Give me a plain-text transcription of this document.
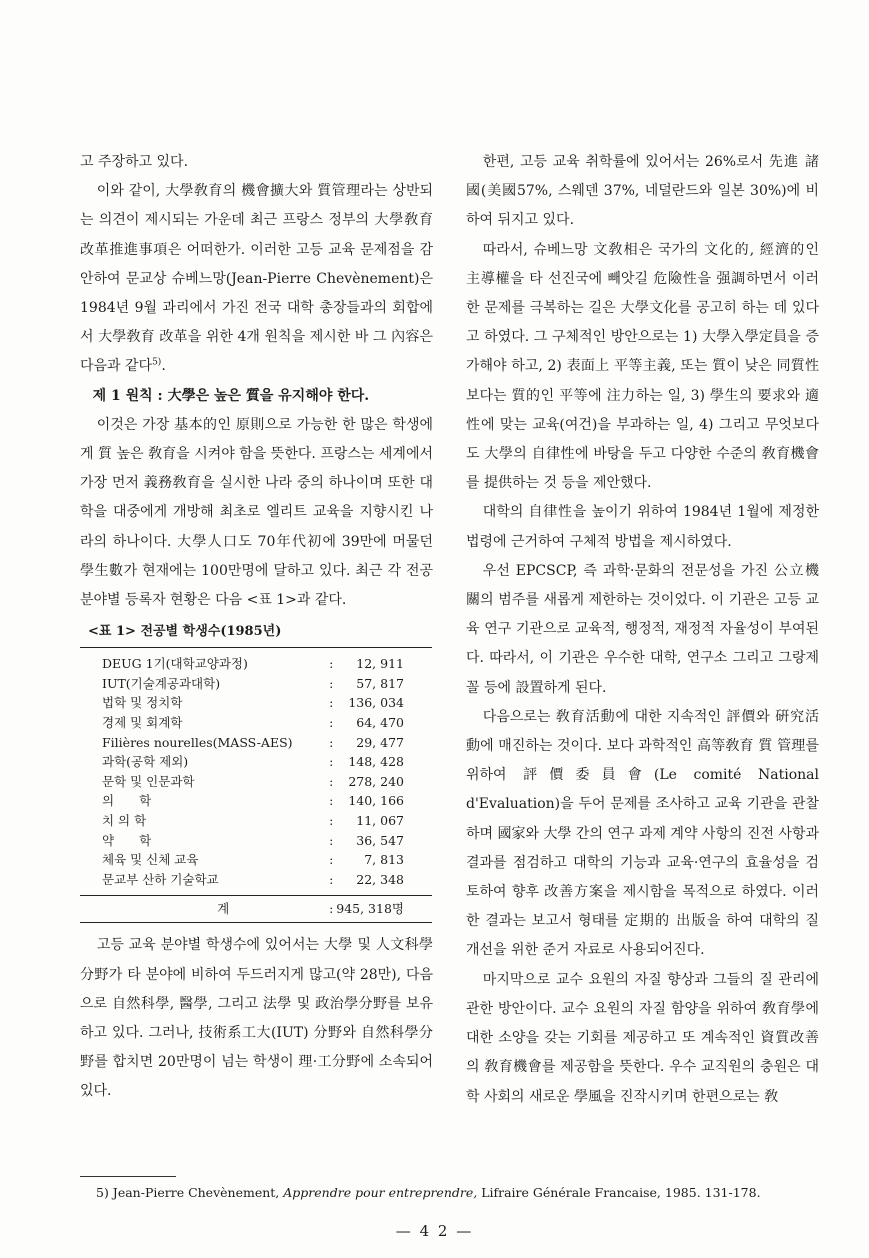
고 주장하고 있다.

이와 같이, 大學敎育의 機會擴大와 質管理라는 상반되는 의견이 제시되는 가운데 최근 프랑스 정부의 大學敎育改革推進事項은 어떠한가. 이러한 고등 교육 문제점을 감안하여 문교상 슈베느망(Jean-Pierre Chevènement)은 1984년 9월 과리에서 가진 전국 대학 총장들과의 회합에서 大學敎育 改革을 위한 4개 원칙을 제시한 바 그 內容은 다음과 같다$^{5)}$.

제 1 원칙 : 大學은 높은 質을 유지해야 한다.

이것은 가장 基本的인 原則으로 가능한 한 많은 학생에게 質 높은 敎育을 시켜야 함을 뜻한다. 프랑스는 세계에서 가장 먼저 義務敎育을 실시한 나라 중의 하나이며 또한 대학을 대중에게 개방해 최초로 엘리트 교육을 지향시킨 나라의 하나이다. 大學人口도 70年代初에 39만에 머물던 學生數가 현재에는 100만명에 달하고 있다. 최근 각 전공 분야별 등록자 현황은 다음 <표 1>과 같다.

<표 1> 전공별 학생수(1985년)
DEUG 1기(대학교양과정)	:	12, 911
IUT(기술계공과대학)	:	57, 817
법학 및 정치학	:	136, 034
경제 및 회계학	:	64, 470
Filières nourelles(MASS-AES)	:	29, 477
과학(공학 제외)	:	148, 428
문학 및 인문과학	:	278, 240
의　　학	:	140, 166
치 의 학	:	11, 067
약　　학	:	36, 547
체육 및 신체 교육	:	7, 813
문교부 산하 기술학교	:	22, 348
계	:	945, 318명

고등 교육 분야별 학생수에 있어서는 大學 및 人文科學分野가 타 분야에 비하여 두드러지게 많고(약 28만), 다음으로 自然科學, 醫學, 그리고 法學 및 政治學分野를 보유하고 있다. 그러나, 技術系工大(IUT) 分野와 自然科學分野를 합치면 20만명이 넘는 학생이 理·工分野에 소속되어 있다.

한편, 고등 교육 취학률에 있어서는 26%로서 先進 諸國(美國57%, 스웨덴 37%, 네덜란드와 일본 30%)에 비하여 뒤지고 있다.

따라서, 슈베느망 文敎相은 국가의 文化的, 經濟的인 主導權을 타 선진국에 빼앗길 危險性을 强調하면서 이러한 문제를 극복하는 길은 大學文化를 공고히 하는 데 있다고 하였다. 그 구체적인 방안으로는 1) 大學入學定員을 증가해야 하고, 2) 表面上 平等主義, 또는 質이 낮은 同質性보다는 質的인 平等에 注力하는 일, 3) 學生의 要求와 適性에 맞는 교육(여건)을 부과하는 일, 4) 그리고 무엇보다도 大學의 自律性에 바탕을 두고 다양한 수준의 敎育機會를 提供하는 것 등을 제안했다.

대학의 自律性을 높이기 위하여 1984년 1월에 제정한 법령에 근거하여 구체적 방법을 제시하였다.

우선 EPCSCP, 즉 과학·문화의 전문성을 가진 公立機關의 범주를 새롭게 제한하는 것이었다. 이 기관은 고등 교육 연구 기관으로 교육적, 행정적, 재정적 자율성이 부여된다. 따라서, 이 기관은 우수한 대학, 연구소 그리고 그랑제꼴 등에 設置하게 된다.

다음으로는 敎育活動에 대한 지속적인 評價와 硏究活動에 매진하는 것이다. 보다 과학적인 高等敎育 質 管理를 위하여 評價委員會(Le comité National d'Evaluation)을 두어 문제를 조사하고 교육 기관을 관찰하며 國家와 大學 간의 연구 과제 계약 사항의 진전 사항과 결과를 점검하고 대학의 기능과 교육·연구의 효율성을 검토하여 향후 改善方案을 제시함을 목적으로 하였다. 이러한 결과는 보고서 형태를 定期的 出版을 하여 대학의 질 개선을 위한 준거 자료로 사용되어진다.

마지막으로 교수 요원의 자질 향상과 그들의 질 관리에 관한 방안이다. 교수 요원의 자질 함양을 위하여 敎育學에 대한 소양을 갖는 기회를 제공하고 또 계속적인 資質改善의 敎育機會를 제공함을 뜻한다. 우수 교직원의 충원은 대학 사회의 새로운 學風을 진작시키며 한편으로는 敎

5) Jean-Pierre Chevènement, Apprendre pour entreprendre, Lifraire Générale Francaise, 1985. 131-178.

— 4 2 —
